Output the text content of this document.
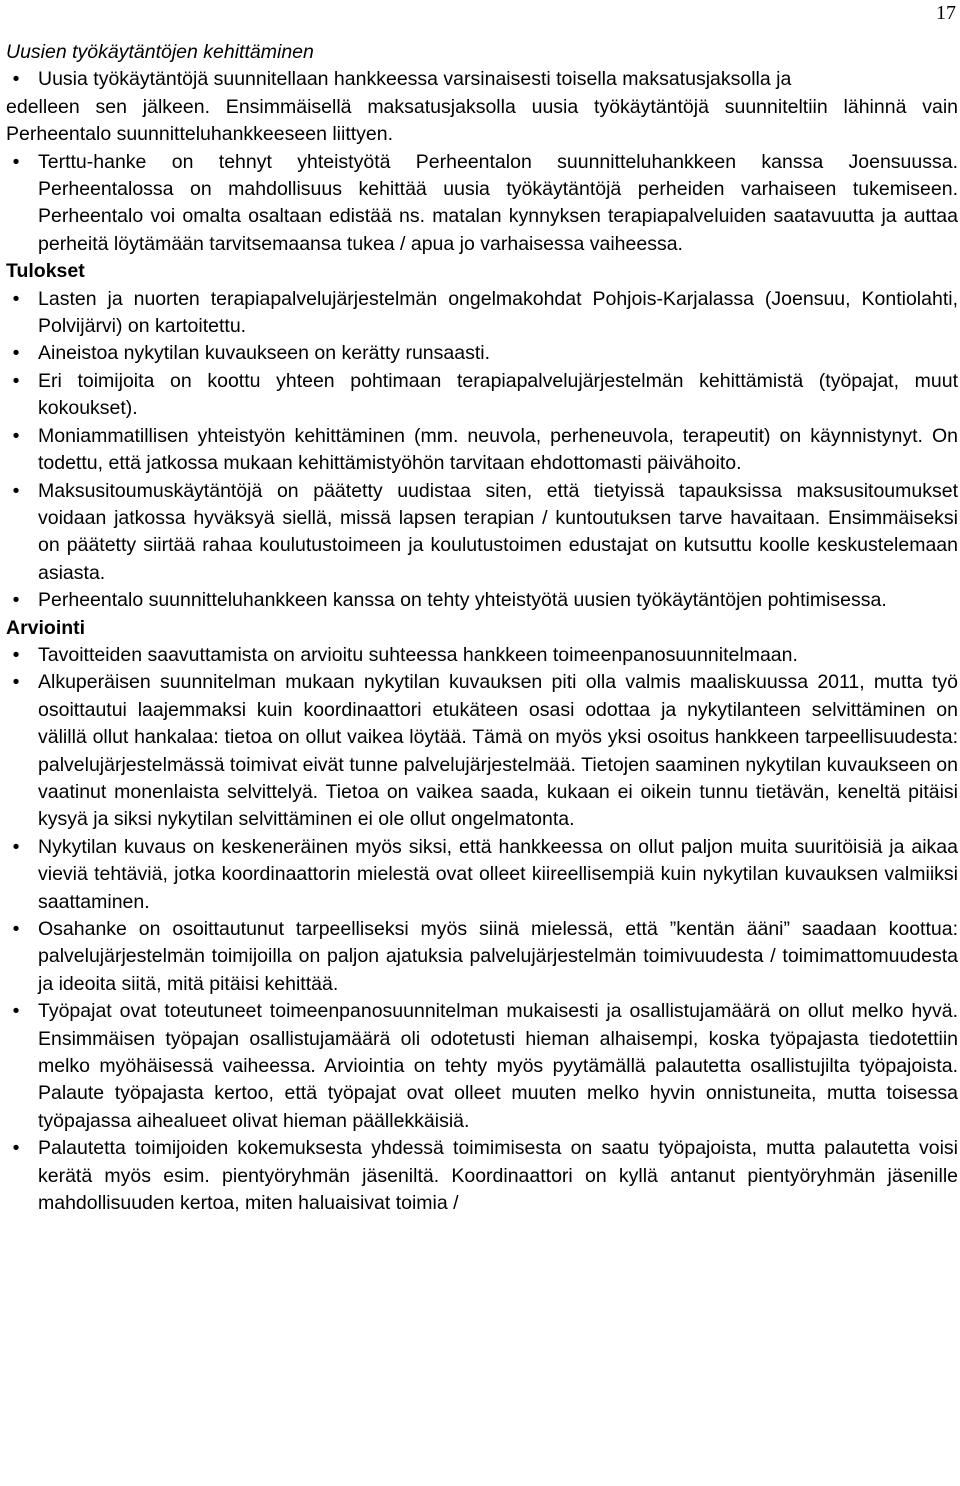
17
Uusien työkäytäntöjen kehittäminen
• Uusia työkäytäntöjä suunnitellaan hankkeessa varsinaisesti toisella maksatusjaksolla ja
edelleen sen jälkeen. Ensimmäisellä maksatusjaksolla uusia työkäytäntöjä suunniteltiin lähinnä vain Perheentalo suunnitteluhankkeeseen liittyen.
• Terttu-hanke on tehnyt yhteistyötä Perheentalon suunnitteluhankkeen kanssa Joensuussa. Perheentalossa on mahdollisuus kehittää uusia työkäytäntöjä perheiden varhaiseen tukemiseen. Perheentalo voi omalta osaltaan edistää ns. matalan kynnyksen terapiapalveluiden saatavuutta ja auttaa perheitä löytämään tarvitsemaansa tukea / apua jo varhaisessa vaiheessa.
Tulokset
• Lasten ja nuorten terapiapalvelujärjestelmän ongelmakohdat Pohjois-Karjalassa (Joensuu, Kontiolahti, Polvijärvi) on kartoitettu.
• Aineistoa nykytilan kuvaukseen on kerätty runsaasti.
• Eri toimijoita on koottu yhteen pohtimaan terapiapalvelujärjestelmän kehittämistä (työpajat, muut kokoukset).
• Moniammatillisen yhteistyön kehittäminen (mm. neuvola, perheneuvola, terapeutit) on käynnistynyt. On todettu, että jatkossa mukaan kehittämistyöhön tarvitaan ehdottomasti päivähoito.
• Maksusitoumuskäytäntöjä on päätetty uudistaa siten, että tietyissä tapauksissa maksusitoumukset voidaan jatkossa hyväksyä siellä, missä lapsen terapian / kuntoutuksen tarve havaitaan. Ensimmäiseksi on päätetty siirtää rahaa koulutustoimeen ja koulutustoimen edustajat on kutsuttu koolle keskustelemaan asiasta.
• Perheentalo suunnitteluhankkeen kanssa on tehty yhteistyötä uusien työkäytäntöjen pohtimisessa.
Arviointi
• Tavoitteiden saavuttamista on arvioitu suhteessa hankkeen toimeenpanosuunnitelmaan.
• Alkuperäisen suunnitelman mukaan nykytilan kuvauksen piti olla valmis maaliskuussa 2011, mutta työ osoittautui laajemmaksi kuin koordinaattori etukäteen osasi odottaa ja nykytilanteen selvittäminen on välillä ollut hankalaa: tietoa on ollut vaikea löytää. Tämä on myös yksi osoitus hankkeen tarpeellisuudesta: palvelujärjestelmässä toimivat eivät tunne palvelujärjestelmää. Tietojen saaminen nykytilan kuvaukseen on vaatinut monenlaista selvittelyä. Tietoa on vaikea saada, kukaan ei oikein tunnu tietävän, keneltä pitäisi kysyä ja siksi nykytilan selvittäminen ei ole ollut ongelmatonta.
• Nykytilan kuvaus on keskeneräinen myös siksi, että hankkeessa on ollut paljon muita suuritöisiä ja aikaa vieviä tehtäviä, jotka koordinaattorin mielestä ovat olleet kiireellisempiä kuin nykytilan kuvauksen valmiiksi saattaminen.
• Osahanke on osoittautunut tarpeelliseksi myös siinä mielessä, että ”kentän ääni” saadaan koottua: palvelujärjestelmän toimijoilla on paljon ajatuksia palvelujärjestelmän toimivuudesta / toimimattomuudesta ja ideoita siitä, mitä pitäisi kehittää.
• Työpajat ovat toteutuneet toimeenpanosuunnitelman mukaisesti ja osallistujamäärä on ollut melko hyvä. Ensimmäisen työpajan osallistujamäärä oli odotetusti hieman alhaisempi, koska työpajasta tiedotettiin melko myöhäisessä vaiheessa. Arviointia on tehty myös pyytämällä palautetta osallistujilta työpajoista. Palaute työpajasta kertoo, että työpajat ovat olleet muuten melko hyvin onnistuneita, mutta toisessa työpajassa aihealueet olivat hieman päällekkäisiä.
• Palautetta toimijoiden kokemuksesta yhdessä toimimisesta on saatu työpajoista, mutta palautetta voisi kerätä myös esim. pientyöryhmän jäseniltä. Koordinaattori on kyllä antanut pientyöryhmän jäsenille mahdollisuuden kertoa, miten haluaisivat toimia /
